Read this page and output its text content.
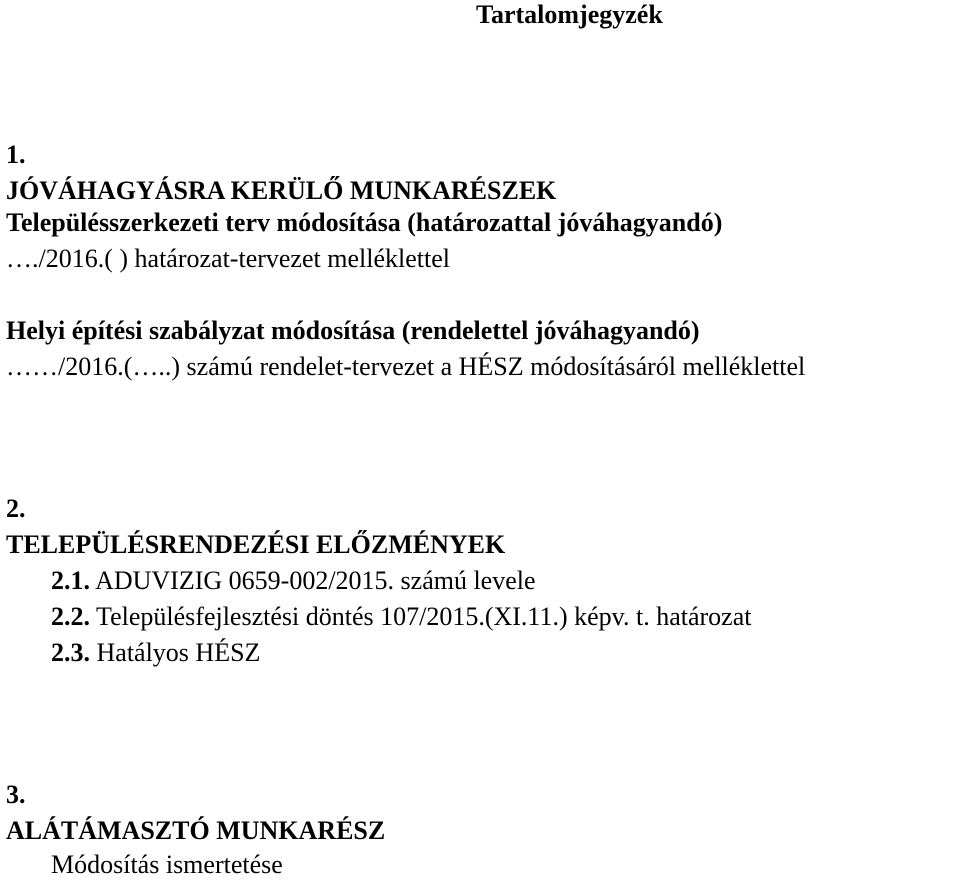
Tartalomjegyzék
1.
JÓVÁHAGYÁSRA KERÜLŐ MUNKARÉSZEK
Településszerkezeti terv módosítása (határozattal jóváhagyandó)
…./2016.( ) határozat-tervezet melléklettel
Helyi építési szabályzat módosítása (rendelettel jóváhagyandó)
……/2016.(…..) számú rendelet-tervezet a HÉSZ módosításáról melléklettel
2.
TELEPÜLÉSRENDEZÉSI ELŐZMÉNYEK
2.1. ADUVIZIG 0659-002/2015. számú levele
2.2. Településfejlesztési döntés 107/2015.(XI.11.) képv. t. határozat
2.3. Hatályos HÉSZ
3.
ALÁTÁMASZTÓ MUNKARÉSZ
Módosítás ismertetése
